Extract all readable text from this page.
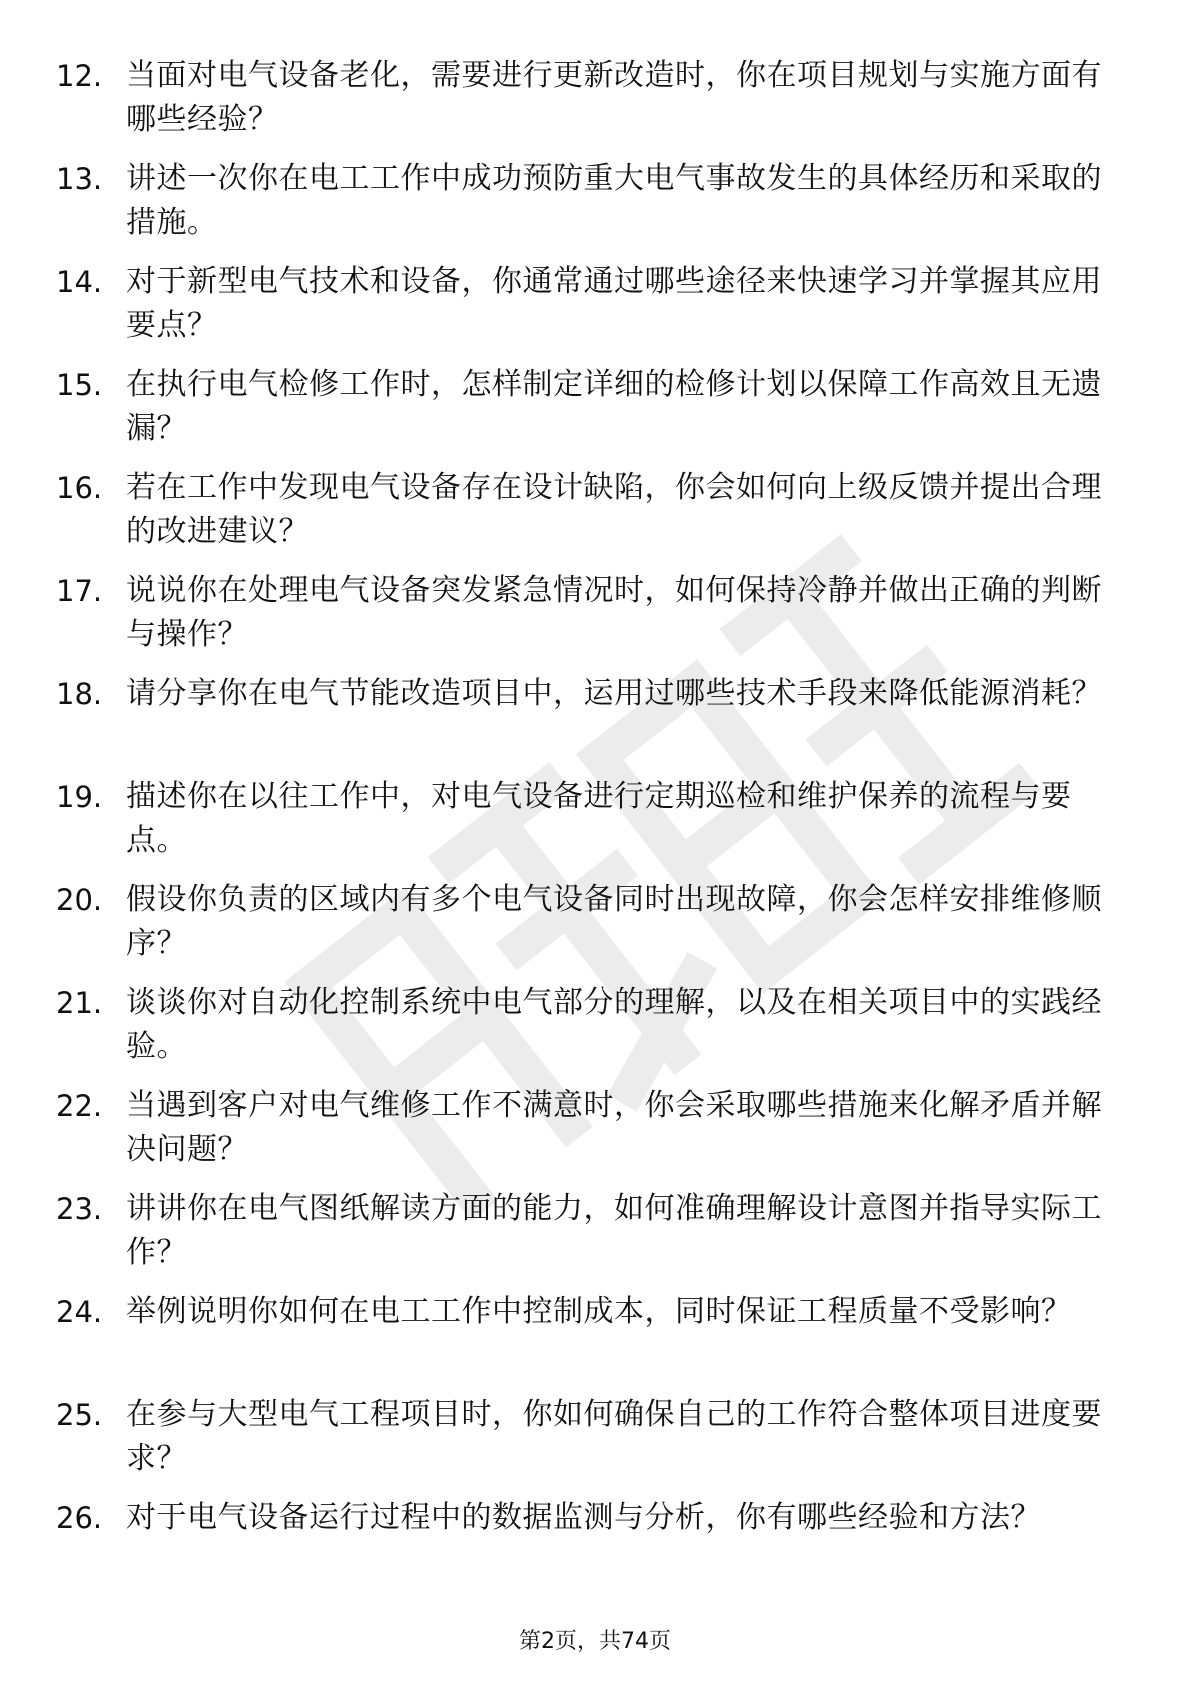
12. 当面对电气设备老化，需要进行更新改造时，你在项目规划与实施方面有哪些经验？
13. 讲述一次你在电工工作中成功预防重大电气事故发生的具体经历和采取的措施。
14. 对于新型电气技术和设备，你通常通过哪些途径来快速学习并掌握其应用要点？
15. 在执行电气检修工作时，怎样制定详细的检修计划以保障工作高效且无遗漏？
16. 若在工作中发现电气设备存在设计缺陷，你会如何向上级反馈并提出合理的改进建议？
17. 说说你在处理电气设备突发紧急情况时，如何保持冷静并做出正确的判断与操作？
18. 请分享你在电气节能改造项目中，运用过哪些技术手段来降低能源消耗？
19. 描述你在以往工作中，对电气设备进行定期巡检和维护保养的流程与要点。
20. 假设你负责的区域内有多个电气设备同时出现故障，你会怎样安排维修顺序？
21. 谈谈你对自动化控制系统中电气部分的理解，以及在相关项目中的实践经验。
22. 当遇到客户对电气维修工作不满意时，你会采取哪些措施来化解矛盾并解决问题？
23. 讲讲你在电气图纸解读方面的能力，如何准确理解设计意图并指导实际工作？
24. 举例说明你如何在电工工作中控制成本，同时保证工程质量不受影响？
25. 在参与大型电气工程项目时，你如何确保自己的工作符合整体项目进度要求？
26. 对于电气设备运行过程中的数据监测与分析，你有哪些经验和方法？
第2页，共74页
